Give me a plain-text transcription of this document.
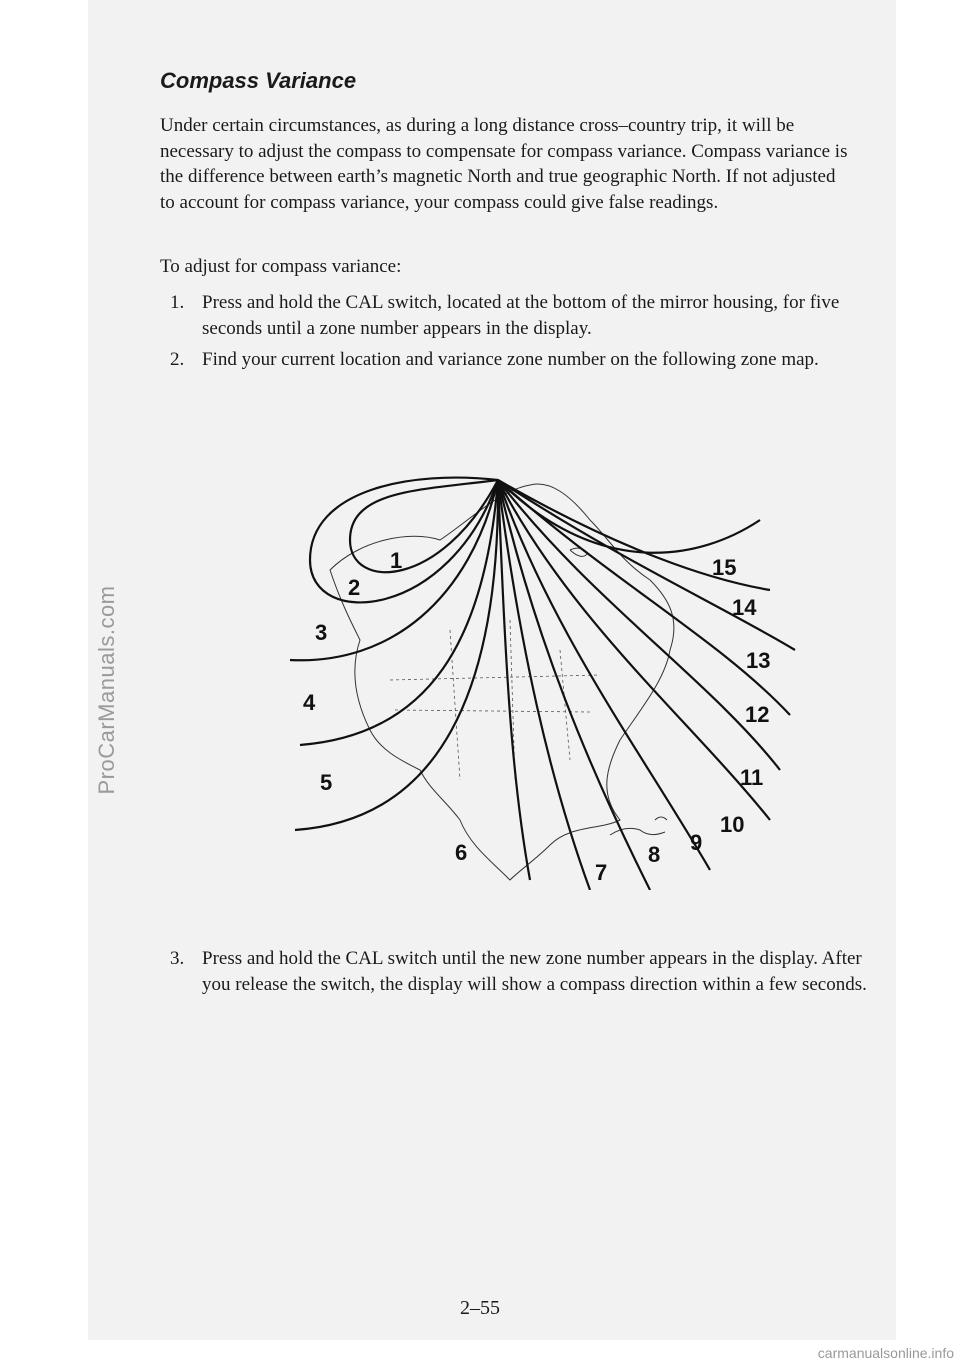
ProCarManuals.com
Compass Variance
Under certain circumstances, as during a long distance cross–country trip, it will be necessary to adjust the compass to compensate for compass variance. Compass variance is the difference between earth’s magnetic North and true geographic North. If not adjusted to account for compass variance, your compass could give false readings.
To adjust for compass variance:
1. Press and hold the CAL switch, located at the bottom of the mirror housing, for five seconds until a zone number appears in the display.
2. Find your current location and variance zone number on the following zone map.
1
2
3
4
5
6
7
8 9
10
11
12
13
14
15
3. Press and hold the CAL switch until the new zone number appears in the display. After you release the switch, the display will show a compass direction within a few seconds.
2–55
carmanualsonline.info
